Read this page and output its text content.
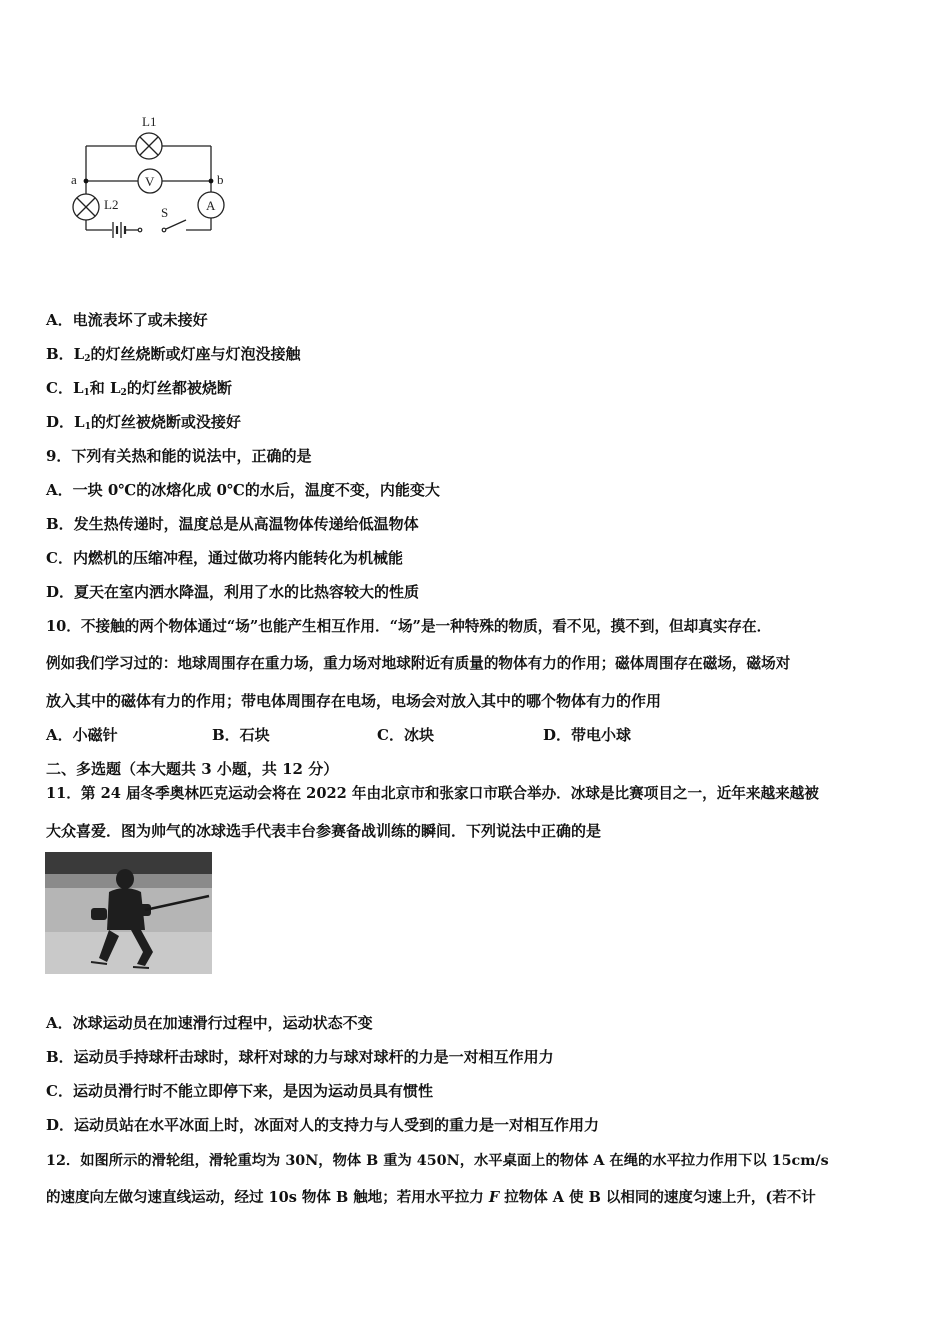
L1
V
a	b
L2	A
S
A．电流表坏了或未接好
B．$L_2$的灯丝烧断或灯座与灯泡没接触
C．$L_1$和 $L_2$的灯丝都被烧断
D．$L_1$的灯丝被烧断或没接好
9．下列有关热和能的说法中，正确的是
A．一块 0℃的冰熔化成 0℃的水后，温度不变，内能变大
B．发生热传递时，温度总是从高温物体传递给低温物体
C．内燃机的压缩冲程，通过做功将内能转化为机械能
D．夏天在室内洒水降温，利用了水的比热容较大的性质
10．不接触的两个物体通过“场”也能产生相互作用．“场”是一种特殊的物质，看不见，摸不到，但却真实存在．
例如我们学习过的：地球周围存在重力场，重力场对地球附近有质量的物体有力的作用；磁体周围存在磁场，磁场对
放入其中的磁体有力的作用；带电体周围存在电场，电场会对放入其中的哪个物体有力的作用
A．小磁针	B．石块	C．冰块	D．带电小球
二、多选题（本大题共 3 小题，共 12 分）
11．第 24 届冬季奥林匹克运动会将在 2022 年由北京市和张家口市联合举办．冰球是比赛项目之一，近年来越来越被
大众喜爱．图为帅气的冰球选手代表丰台参赛备战训练的瞬间．下列说法中正确的是
A．冰球运动员在加速滑行过程中，运动状态不变
B．运动员手持球杆击球时，球杆对球的力与球对球杆的力是一对相互作用力
C．运动员滑行时不能立即停下来，是因为运动员具有惯性
D．运动员站在水平冰面上时，冰面对人的支持力与人受到的重力是一对相互作用力
12．如图所示的滑轮组，滑轮重均为 30N，物体 B 重为 450N，水平桌面上的物体 A 在绳的水平拉力作用下以 15cm/s
的速度向左做匀速直线运动，经过 10s 物体 B 触地；若用水平拉力 F 拉物体 A 使 B 以相同的速度匀速上升，(若不计
